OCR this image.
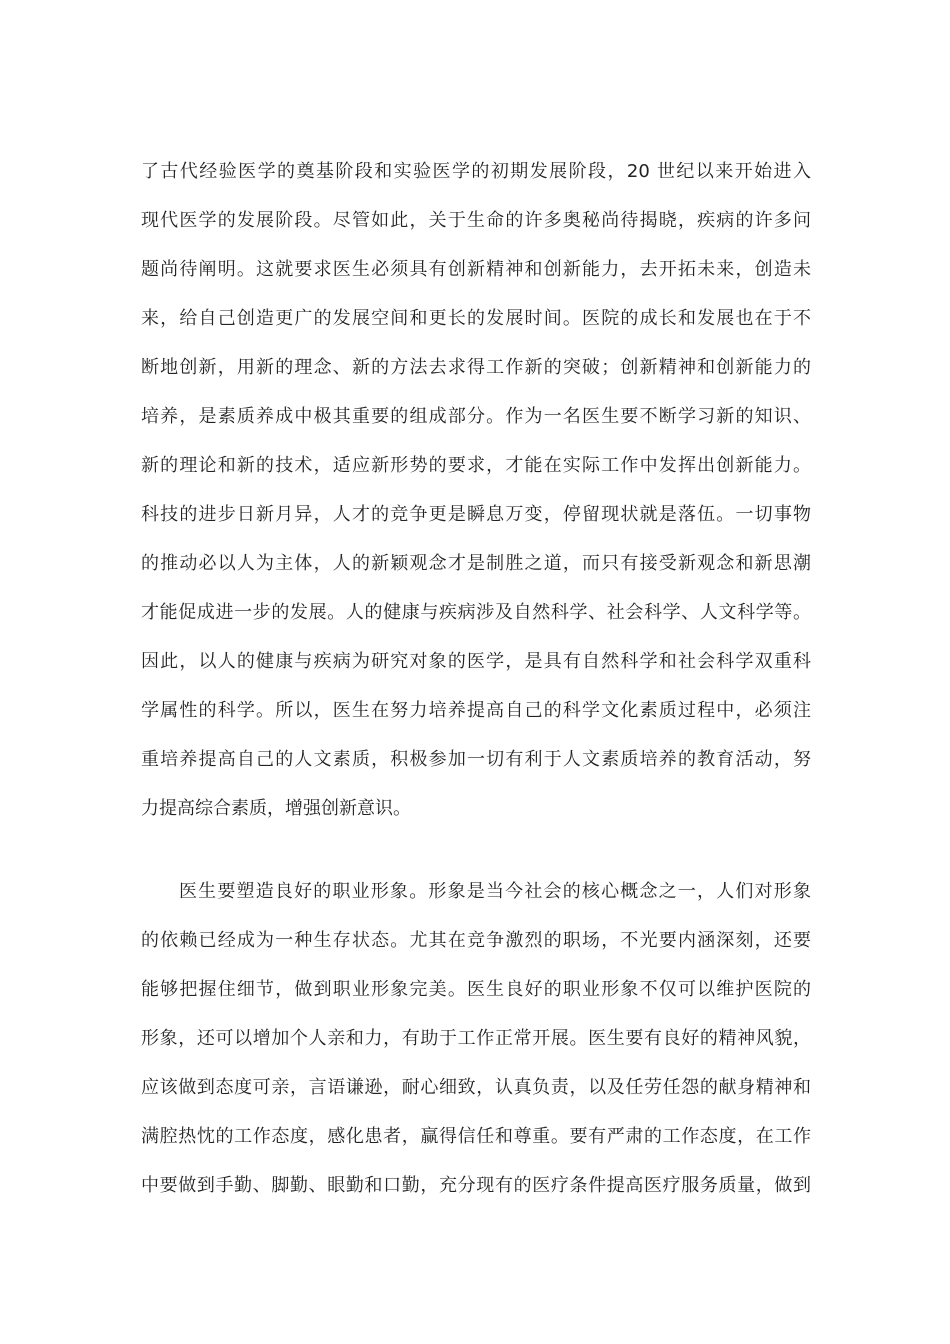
了古代经验医学的奠基阶段和实验医学的初期发展阶段，20 世纪以来开始进入
现代医学的发展阶段。尽管如此，关于生命的许多奥秘尚待揭晓，疾病的许多问
题尚待阐明。这就要求医生必须具有创新精神和创新能力，去开拓未来，创造未
来，给自己创造更广的发展空间和更长的发展时间。医院的成长和发展也在于不
断地创新，用新的理念、新的方法去求得工作新的突破；创新精神和创新能力的
培养，是素质养成中极其重要的组成部分。作为一名医生要不断学习新的知识、
新的理论和新的技术，适应新形势的要求，才能在实际工作中发挥出创新能力。
科技的进步日新月异，人才的竞争更是瞬息万变，停留现状就是落伍。一切事物
的推动必以人为主体，人的新颖观念才是制胜之道，而只有接受新观念和新思潮
才能促成进一步的发展。人的健康与疾病涉及自然科学、社会科学、人文科学等。
因此，以人的健康与疾病为研究对象的医学，是具有自然科学和社会科学双重科
学属性的科学。所以，医生在努力培养提高自己的科学文化素质过程中，必须注
重培养提高自己的人文素质，积极参加一切有利于人文素质培养的教育活动，努
力提高综合素质，增强创新意识。
医生要塑造良好的职业形象。形象是当今社会的核心概念之一，人们对形象
的依赖已经成为一种生存状态。尤其在竞争激烈的职场，不光要内涵深刻，还要
能够把握住细节，做到职业形象完美。医生良好的职业形象不仅可以维护医院的
形象，还可以增加个人亲和力，有助于工作正常开展。医生要有良好的精神风貌，
应该做到态度可亲，言语谦逊，耐心细致，认真负责，以及任劳任怨的献身精神和
满腔热忱的工作态度，感化患者，赢得信任和尊重。要有严肃的工作态度，在工作
中要做到手勤、脚勤、眼勤和口勤，充分现有的医疗条件提高医疗服务质量，做到
